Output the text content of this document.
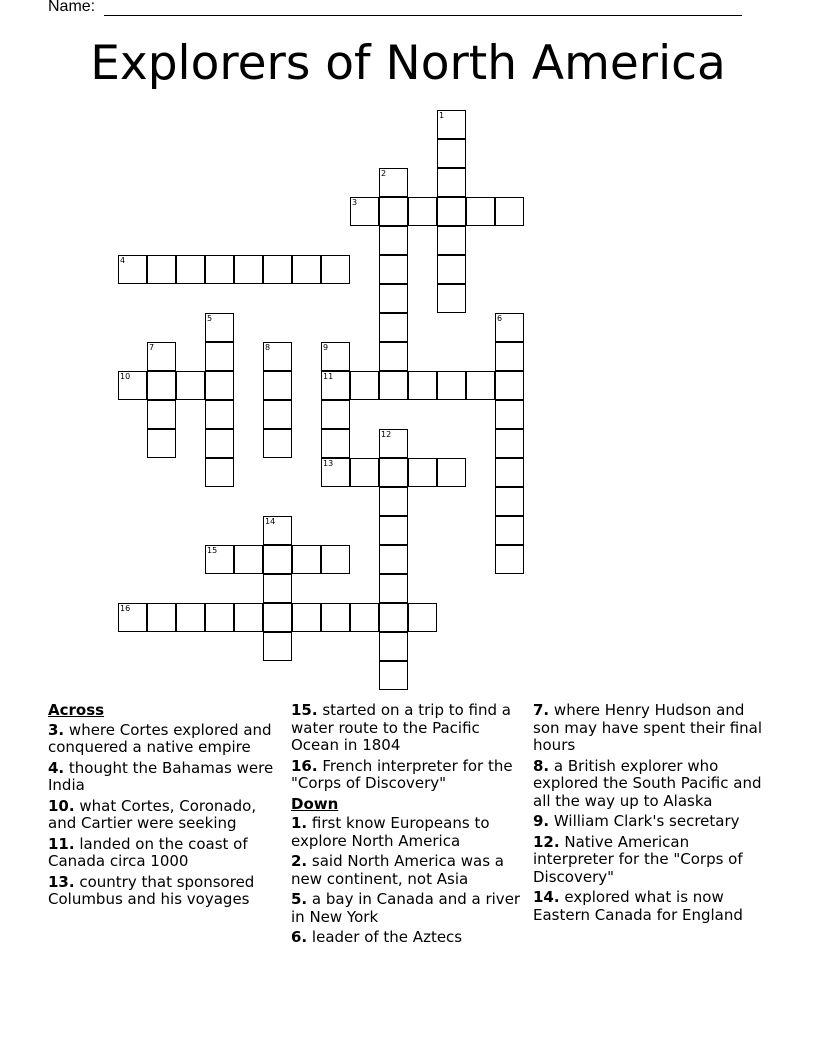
Name:
Explorers of North America
1
2
3
4
5	6
7	8	9
11
13
10
12
14
15
16
Across
3. where Cortes explored and conquered a native empire
4. thought the Bahamas were India
10. what Cortes, Coronado, and Cartier were seeking
11. landed on the coast of Canada circa 1000
13. country that sponsored Columbus and his voyages
15. started on a trip to find a water route to the Pacific Ocean in 1804
16. French interpreter for the "Corps of Discovery"
Down
1. first know Europeans to explore North America
2. said North America was a new continent, not Asia
5. a bay in Canada and a river in New York
6. leader of the Aztecs
7. where Henry Hudson and son may have spent their final hours
8. a British explorer who explored the South Pacific and all the way up to Alaska
9. William Clark's secretary
12. Native American interpreter for the "Corps of Discovery"
14. explored what is now Eastern Canada for England
